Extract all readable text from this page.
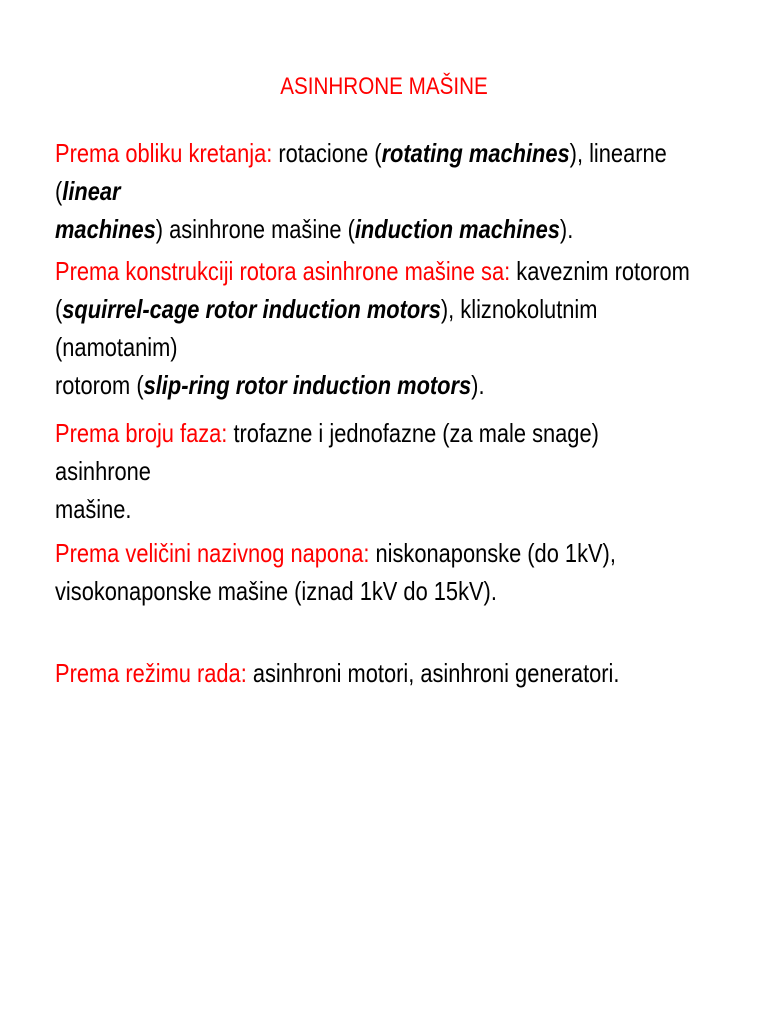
ASINHRONE MAŠINE
Prema obliku kretanja: rotacione (rotating machines), linearne (linear
machines) asinhrone mašine (induction machines).
Prema konstrukciji rotora asinhrone mašine sa: kaveznim rotorom
(squirrel-cage rotor induction motors), kliznokolutnim (namotanim)
rotorom (slip-ring rotor induction motors).
Prema broju faza: trofazne i jednofazne (za male snage) asinhrone
mašine.
Prema veličini nazivnog napona: niskonaponske (do 1kV),
visokonaponske mašine (iznad 1kV do 15kV).
Prema režimu rada: asinhroni motori, asinhroni generatori.
